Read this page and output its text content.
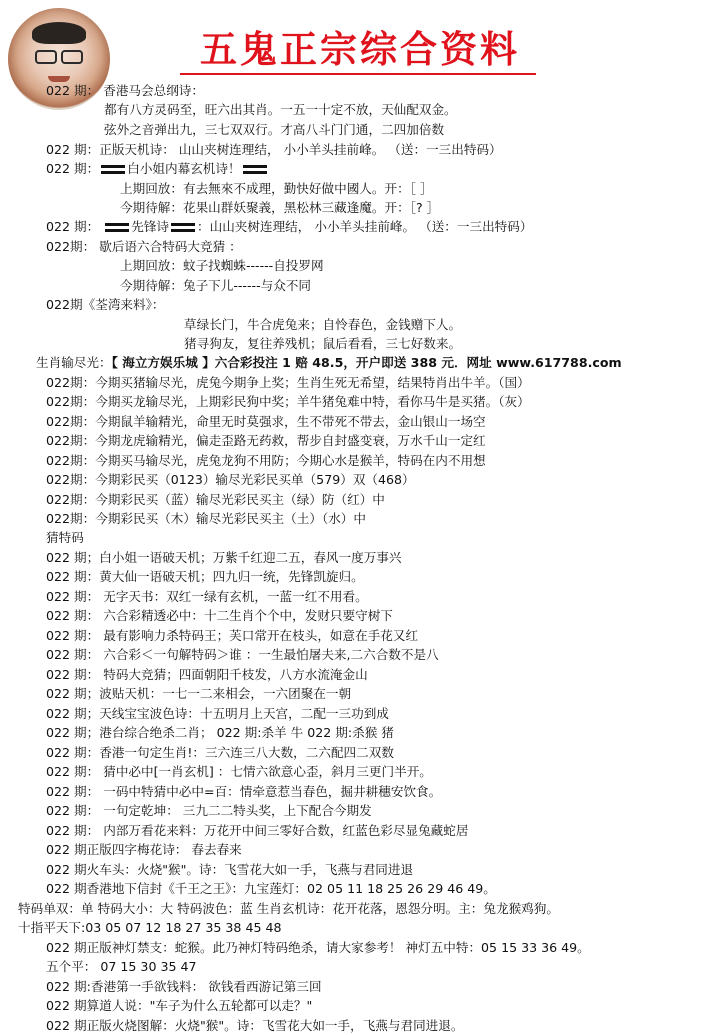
五鬼正宗综合资料
022 期： 香港马会总纲诗：
都有八方灵码至，旺六出其肖。一五一十定不放，天仙配双金。
弦外之音弹出九，三七双双行。才高八斗门门通，二四加倍数
022 期：正版天机诗： 山山夹树连理结， 小小羊头挂前峰。 （送：一三出特码）
022 期： 白小姐内幕玄机诗！
上期回放：有去無來不成理，勤快好做中國人。开：［ ］
今期待解：花果山群妖聚義，黑松林三藏逢魔。开：［? ］
022 期： 先锋诗 ：山山夹树连理结， 小小羊头挂前峰。 （送：一三出特码）
022期： 歇后语六合特码大竞猜 ：
上期回放：蚊子找蜘蛛------自投罗网
今期待解：兔子下儿------与众不同
022期《荃湾来料》：
草绿长门，牛合虎兔来；自怜春色，金钱赠下人。
猪寻狗友，复往养残机；鼠后看看，三七好数来。
生肖输尽光：【 海立方娱乐城 】六合彩投注 1 赔 48.5，开户即送 388 元．网址 www.617788.com
022期：今期买猪输尽光，虎兔今期争上奖；生肖生死无希望，结果特肖出牛羊。（国）
022期：今期买龙输尽光，上期彩民狗中奖；羊牛猪兔难中特，看你马牛是买猪。（灰）
022期：今期鼠羊输精光，命里无时莫强求，生不带死不带去，金山银山一场空
022期：今期龙虎输精光，偏走歪路无药救，帮步自封盛变衰，万水千山一定红
022期：今期买马输尽光，虎兔龙狗不用防；今期心水是猴羊，特码在内不用想
022期：今期彩民买（0123）输尽光彩民买单（579）双（468）
022期：今期彩民买（蓝）输尽光彩民买主（绿）防（红）中
022期：今期彩民买（木）输尽光彩民买主（土）（水）中
猜特码
022 期；白小姐一语破天机；万紫千红迎二五，春风一度万事兴
022 期：黄大仙一语破天机；四九归一统，先锋凯旋归。
022 期： 无字天书：双红一绿有玄机，一蓝一红不用看。
022 期： 六合彩精透必中：十二生肖个个中，发财只要守树下
022 期： 最有影响力杀特码王；芙口常开在枝头，如意在手花又红
022 期： 六合彩＜一句解特码＞谁 ：一生最怕屠夫来,二六合数不是八
022 期： 特码大竞猜；四面朝阳千枝发，八方水流淹金山
022 期；波贴天机：一七一二来相会，一六团聚在一朝
022 期；天线宝宝波色诗：十五明月上天宫，二配一三功到成
022 期；港台综合绝杀二肖； 022 期:杀羊 牛 022 期:杀猴 猪
022 期：香港一句定生肖!：三六连三八大数，二六配四二双数
022 期： 猜中必中[一肖玄机] ：七情六欲意心歪，斜月三更门半开。
022 期： 一码中特猜中必中=百：情牵意惹当春色，掘井耕穗安饮食。
022 期： 一句定乾坤： 三九二二特头奖，上下配合今期发
022 期： 内部万看花来料：万花开中间三零好合数，红蓝色彩尽显兔藏蛇居
022 期正版四字梅花诗： 春去春来
022 期火车头：火烧"猴"。诗：飞雪花大如一手，飞燕与君同进退
022 期香港地下信封《千王之王》：九宝莲灯：02 05 11 18 25 26 29 46 49。
特码单双：单 特码大小：大 特码波色：蓝 生肖玄机诗：花开花落，恩怨分明。主：兔龙猴鸡狗。
十指平天下:03 05 07 12 18 27 35 38 45 48
022 期正版神灯禁支：蛇猴。此乃神灯特码绝杀，请大家参考！ 神灯五中特：05 15 33 36 49。
五个平： 07 15 30 35 47
022 期:香港第一手欲钱料： 欲钱看西游记第三回
022 期算道人说："车子为什么五轮都可以走？"
022 期正版火烧图解：火烧"猴"。诗：飞雪花大如一手，飞燕与君同进退。
